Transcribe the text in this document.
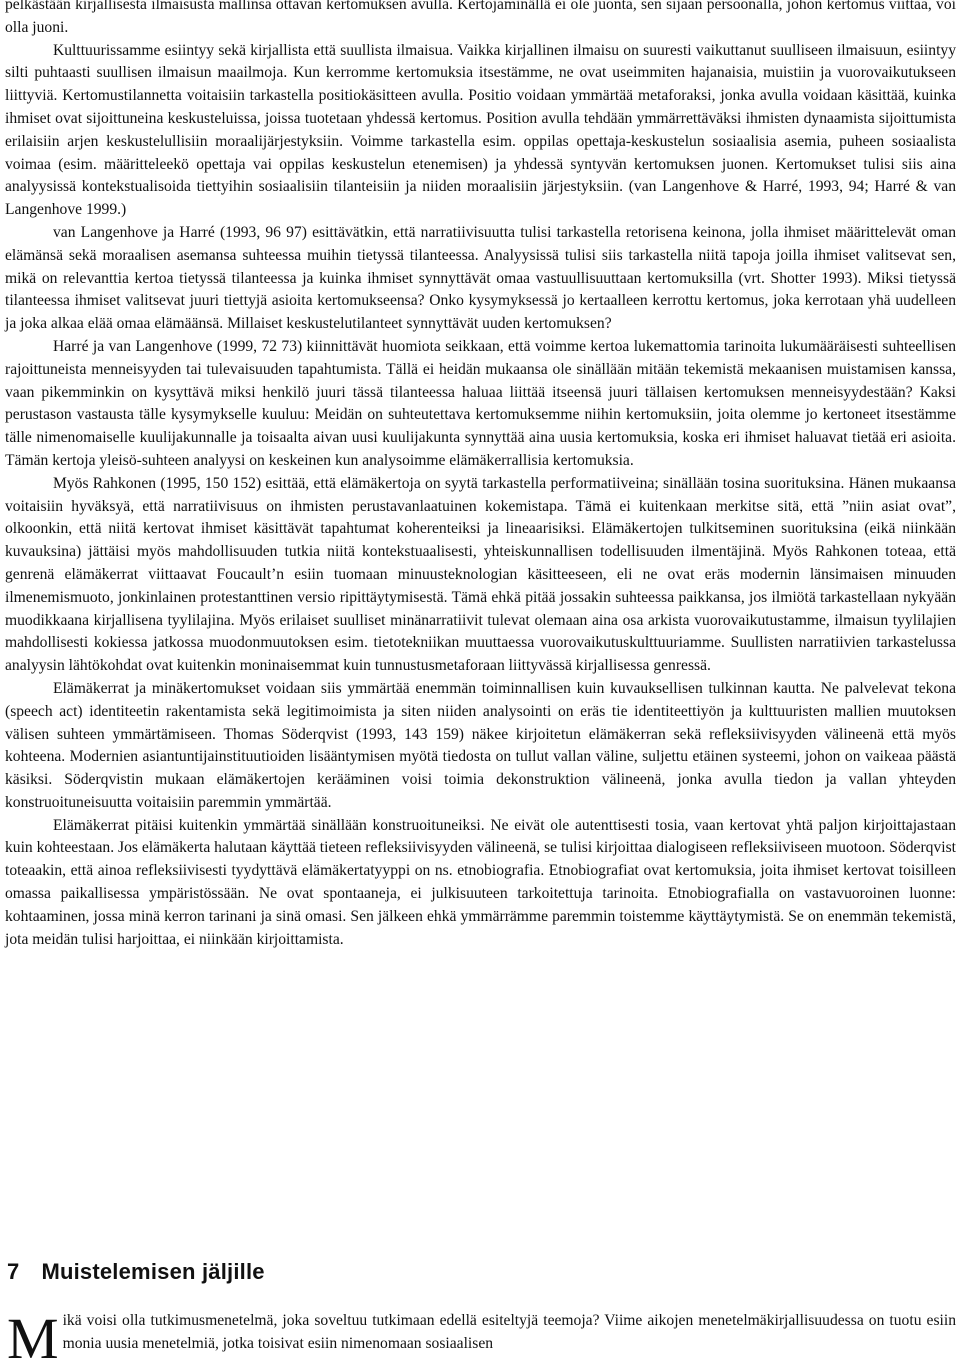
pelkästään kirjallisesta ilmaisusta mallinsa ottavan kertomuksen avulla. Kertojaminällä ei ole juonta, sen sijaan persoonalla, johon kertomus viittaa, voi olla juoni.

Kulttuurissamme esiintyy sekä kirjallista että suullista ilmaisua. Vaikka kirjallinen ilmaisu on suuresti vaikuttanut suulliseen ilmaisuun, esiintyy silti puhtaasti suullisen ilmaisun maailmoja. Kun kerromme kertomuksia itsestämme, ne ovat useimmiten hajanaisia, muistiin ja vuorovaikutukseen liittyviä. Kertomustilannetta voitaisiin tarkastella positiokäsitteen avulla. Positio voidaan ymmärtää metaforaksi, jonka avulla voidaan käsittää, kuinka ihmiset ovat sijoittuneina keskusteluissa, joissa tuotetaan yhdessä kertomus. Position avulla tehdään ymmärrettäväksi ihmisten dynaamista sijoittumista erilaisiin arjen keskustelullisiin moraalijärjestyksiin. Voimme tarkastella esim. oppilas opettaja-keskustelun sosiaalisia asemia, puheen sosiaalista voimaa (esim. määritteleekö opettaja vai oppilas keskustelun etenemisen) ja yhdessä syntyvän kertomuksen juonen. Kertomukset tulisi siis aina analyysissä kontekstualisoida tiettyihin sosiaalisiin tilanteisiin ja niiden moraalisiin järjestyksiin. (van Langenhove & Harré, 1993, 94; Harré & van Langenhove 1999.)

van Langenhove ja Harré (1993, 96 97) esittävätkin, että narratiivisuutta tulisi tarkastella retorisena keinona, jolla ihmiset määrittelevät oman elämänsä sekä moraalisen asemansa suhteessa muihin tietyssä tilanteessa. Analyysissä tulisi siis tarkastella niitä tapoja joilla ihmiset valitsevat sen, mikä on relevanttia kertoa tietyssä tilanteessa ja kuinka ihmiset synnyttävät omaa vastuullisuuttaan kertomuksilla (vrt. Shotter 1993). Miksi tietyssä tilanteessa ihmiset valitsevat juuri tiettyjä asioita kertomukseensa? Onko kysymyksessä jo kertaalleen kerrottu kertomus, joka kerrotaan yhä uudelleen ja joka alkaa elää omaa elämäänsä. Millaiset keskustelutilanteet synnyttävät uuden kertomuksen?

Harré ja van Langenhove (1999, 72 73) kiinnittävät huomiota seikkaan, että voimme kertoa lukemattomia tarinoita lukumääräisesti suhteellisen rajoittuneista menneisyyden tai tulevaisuuden tapahtumista. Tällä ei heidän mukaansa ole sinällään mitään tekemistä mekaanisen muistamisen kanssa, vaan pikemminkin on kysyttävä miksi henkilö juuri tässä tilanteessa haluaa liittää itseensä juuri tällaisen kertomuksen menneisyydestään? Kaksi perustason vastausta tälle kysymykselle kuuluu: Meidän on suhteutettava kertomuksemme niihin kertomuksiin, joita olemme jo kertoneet itsestämme tälle nimenomaiselle kuulijakunnalle ja toisaalta aivan uusi kuulijakunta synnyttää aina uusia kertomuksia, koska eri ihmiset haluavat tietää eri asioita. Tämän kertoja yleisö-suhteen analyysi on keskeinen kun analysoimme elämäkerrallisia kertomuksia.

Myös Rahkonen (1995, 150 152) esittää, että elämäkertoja on syytä tarkastella performatiiveina; sinällään tosina suorituksina. Hänen mukaansa voitaisiin hyväksyä, että narratiivisuus on ihmisten perustavanlaatuinen kokemistapa. Tämä ei kuitenkaan merkitse sitä, että ”niin asiat ovat”, olkoonkin, että niitä kertovat ihmiset käsittävät tapahtumat koherenteiksi ja lineaarisiksi. Elämäkertojen tulkitseminen suorituksina (eikä niinkään kuvauksina) jättäisi myös mahdollisuuden tutkia niitä kontekstuaalisesti, yhteiskunnallisen todellisuuden ilmentäjinä. Myös Rahkonen toteaa, että genrenä elämäkerrat viittaavat Foucault’n esiin tuomaan minuusteknologian käsitteeseen, eli ne ovat eräs modernin länsimaisen minuuden ilmenemismuoto, jonkinlainen protestanttinen versio ripittäytymisestä. Tämä ehkä pitää jossakin suhteessa paikkansa, jos ilmiötä tarkastellaan nykyään muodikkaana kirjallisena tyylilajina. Myös erilaiset suulliset minänarratiivit tulevat olemaan aina osa arkista vuorovaikutustamme, ilmaisun tyylilajien mahdollisesti kokiessa jatkossa muodonmuutoksen esim. tietotekniikan muuttaessa vuorovaikutuskulttuuriamme. Suullisten narratiivien tarkastelussa analyysin lähtökohdat ovat kuitenkin moninaisemmat kuin tunnustusmetaforaan liittyvässä kirjallisessa genressä.

Elämäkerrat ja minäkertomukset voidaan siis ymmärtää enemmän toiminnallisen kuin kuvauksellisen tulkinnan kautta. Ne palvelevat tekona (speech act) identiteetin rakentamista sekä legitimoimista ja siten niiden analysointi on eräs tie identiteettiyön ja kulttuuristen mallien muutoksen välisen suhteen ymmärtämiseen. Thomas Söderqvist (1993, 143 159) näkee kirjoitetun elämäkerran sekä refleksiivisyyden välineenä että myös kohteena. Modernien asiantuntijainstituutioiden lisääntymisen myötä tiedosta on tullut vallan väline, suljettu etäinen systeemi, johon on vaikeaa päästä käsiksi. Söderqvistin mukaan elämäkertojen kerääminen voisi toimia dekonstruktion välineenä, jonka avulla tiedon ja vallan yhteyden konstruoituneisuutta voitaisiin paremmin ymmärtää.

Elämäkerrat pitäisi kuitenkin ymmärtää sinällään konstruoituneiksi. Ne eivät ole autenttisesti tosia, vaan kertovat yhtä paljon kirjoittajastaan kuin kohteestaan. Jos elämäkerta halutaan käyttää tieteen refleksiivisyyden välineenä, se tulisi kirjoittaa dialogiseen refleksiiviseen muotoon. Söderqvist toteaakin, että ainoa refleksiivisesti tyydyttävä elämäkertatyyppi on ns. etnobiografia. Etnobiografiat ovat kertomuksia, joita ihmiset kertovat toisilleen omassa paikallisessa ympäristössään. Ne ovat spontaaneja, ei julkisuuteen tarkoitettuja tarinoita. Etnobiografialla on vastavuoroinen luonne: kohtaaminen, jossa minä kerron tarinani ja sinä omasi. Sen jälkeen ehkä ymmärrämme paremmin toistemme käyttäytymistä. Se on enemmän tekemistä, jota meidän tulisi harjoittaa, ei niinkään kirjoittamista.

7 Muistelemisen jäljille

Mikä voisi olla tutkimusmenetelmä, joka soveltuu tutkimaan edellä esiteltyjä teemoja? Viime aikojen menetelmäkirjallisuudessa on tuotu esiin monia uusia menetelmiä, jotka toisivat esiin nimenomaan sosiaalisen
